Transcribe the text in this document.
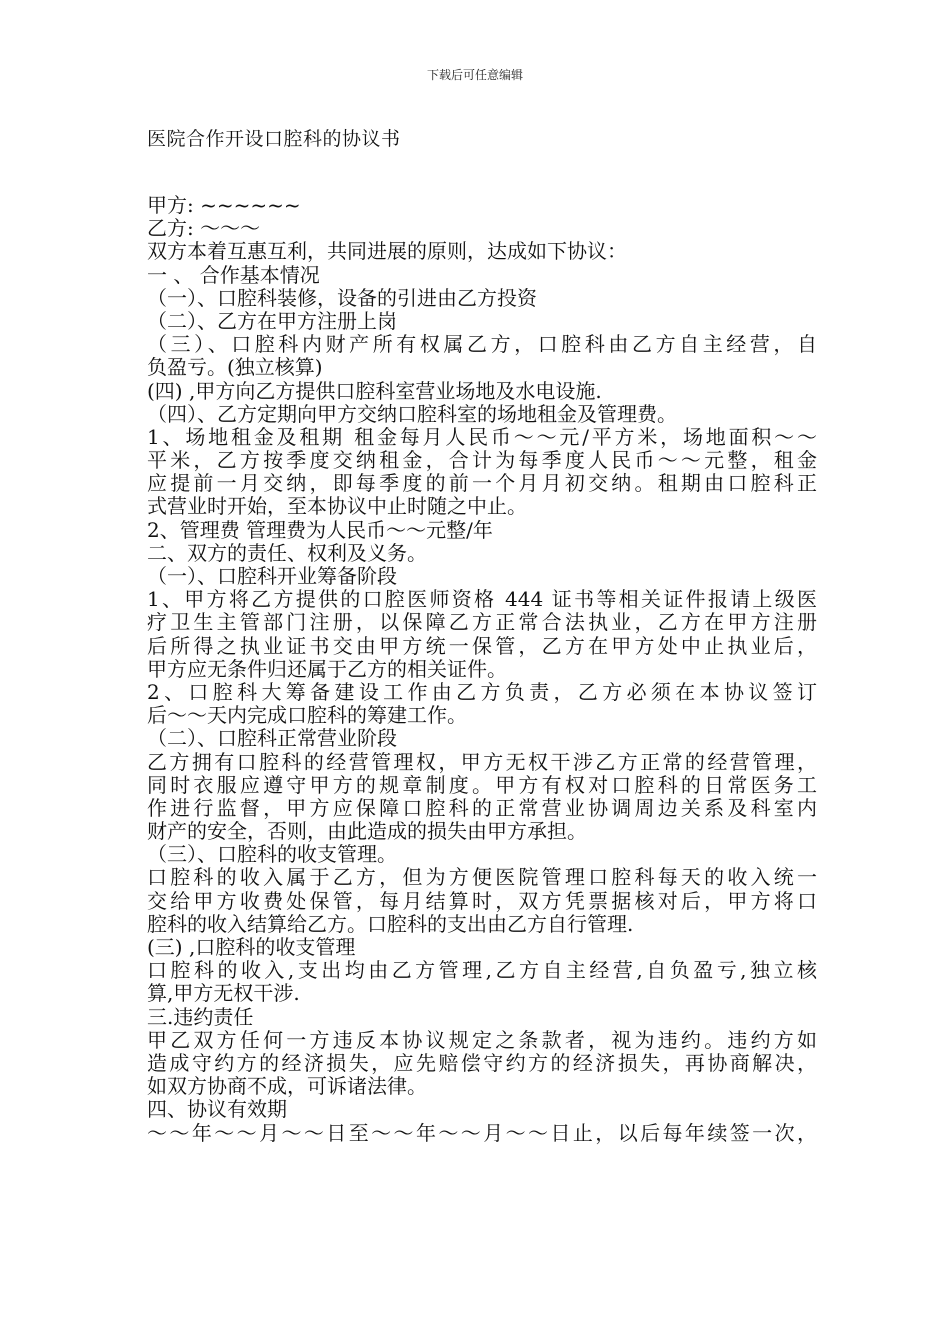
下载后可任意编辑
医院合作开设口腔科的协议书
甲方: ~~~~~~
乙方: ～～～
双方本着互惠互利，共同进展的原则，达成如下协议：
一 、 合作基本情况
（一）、口腔科装修，设备的引进由乙方投资
（二）、乙方在甲方注册上岗
（三）、口腔科内财产所有权属乙方，口腔科由乙方自主经营，自
负盈亏。(独立核算)
(四) ,甲方向乙方提供口腔科室营业场地及水电设施.
（四）、乙方定期向甲方交纳口腔科室的场地租金及管理费。
1、场地租金及租期 租金每月人民币～～元/平方米，场地面积～～
平米，乙方按季度交纳租金，合计为每季度人民币～～元整，租金
应提前一月交纳，即每季度的前一个月月初交纳。租期由口腔科正
式营业时开始，至本协议中止时随之中止。
2、管理费 管理费为人民币～～元整/年
二、双方的责任、权利及义务。
（一）、口腔科开业筹备阶段
1、甲方将乙方提供的口腔医师资格 444 证书等相关证件报请上级医
疗卫生主管部门注册，以保障乙方正常合法执业，乙方在甲方注册
后所得之执业证书交由甲方统一保管，乙方在甲方处中止执业后，
甲方应无条件归还属于乙方的相关证件。
2、口腔科大筹备建设工作由乙方负责，乙方必须在本协议签订
后～～天内完成口腔科的筹建工作。
（二）、口腔科正常营业阶段
乙方拥有口腔科的经营管理权，甲方无权干涉乙方正常的经营管理，
同时衣服应遵守甲方的规章制度。甲方有权对口腔科的日常医务工
作进行监督，甲方应保障口腔科的正常营业协调周边关系及科室内
财产的安全，否则，由此造成的损失由甲方承担。
（三）、口腔科的收支管理。
口腔科的收入属于乙方，但为方便医院管理口腔科每天的收入统一
交给甲方收费处保管，每月结算时，双方凭票据核对后，甲方将口
腔科的收入结算给乙方。口腔科的支出由乙方自行管理.
(三) ,口腔科的收支管理
口腔科的收入,支出均由乙方管理,乙方自主经营,自负盈亏,独立核
算,甲方无权干涉.
三.违约责任
甲乙双方任何一方违反本协议规定之条款者，视为违约。违约方如
造成守约方的经济损失，应先赔偿守约方的经济损失，再协商解决，
如双方协商不成，可诉诸法律。
四、协议有效期
～～年～～月～～日至～～年～～月～～日止，以后每年续签一次，
